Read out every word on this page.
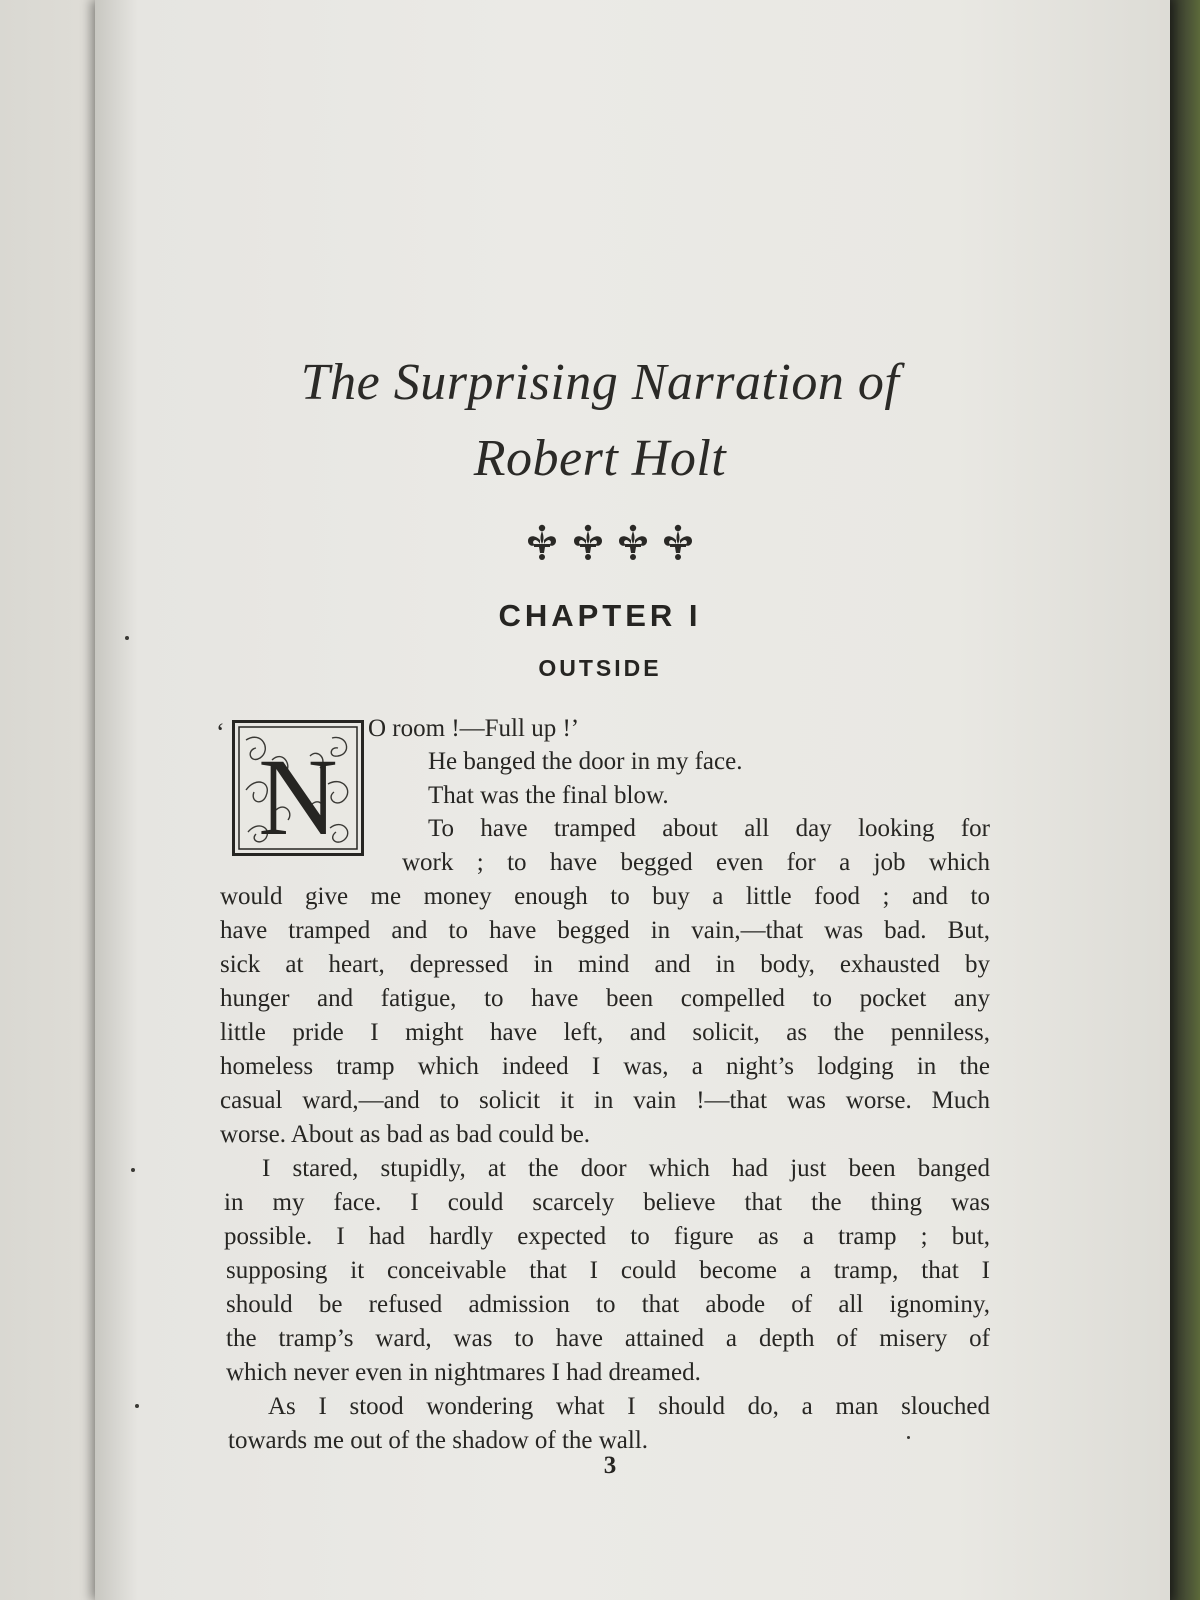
The Surprising Narration of
Robert Holt
CHAPTER I
OUTSIDE
‘
N
O room !—Full up !’
He banged the door in my face.
That was the final blow.
To have tramped about all day looking for
work ; to have begged even for a job which
would give me money enough to buy a little food ; and to
have tramped and to have begged in vain,—that was bad. But,
sick at heart, depressed in mind and in body, exhausted by
hunger and fatigue, to have been compelled to pocket any
little pride I might have left, and solicit, as the penniless,
homeless tramp which indeed I was, a night’s lodging in the
casual ward,—and to solicit it in vain !—that was worse. Much
worse. About as bad as bad could be.
I stared, stupidly, at the door which had just been banged
in my face. I could scarcely believe that the thing was
possible. I had hardly expected to figure as a tramp ; but,
supposing it conceivable that I could become a tramp, that I
should be refused admission to that abode of all ignominy,
the tramp’s ward, was to have attained a depth of misery of
which never even in nightmares I had dreamed.
As I stood wondering what I should do, a man slouched
towards me out of the shadow of the wall.
3
